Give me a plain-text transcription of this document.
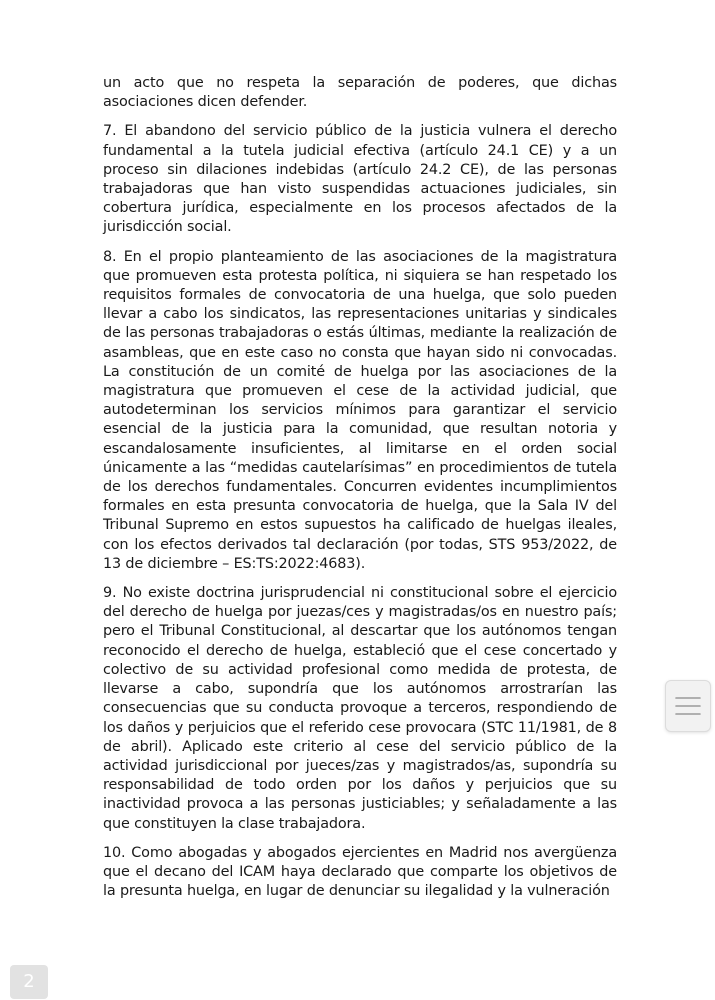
un acto que no respeta la separación de poderes, que dichas asociaciones dicen defender.

7. El abandono del servicio público de la justicia vulnera el derecho fundamental a la tutela judicial efectiva (artículo 24.1 CE) y a un proceso sin dilaciones indebidas (artículo 24.2 CE), de las personas trabajadoras que han visto suspendidas actuaciones judiciales, sin cobertura jurídica, especialmente en los procesos afectados de la jurisdicción social.

8. En el propio planteamiento de las asociaciones de la magistratura que promueven esta protesta política, ni siquiera se han respetado los requisitos formales de convocatoria de una huelga, que solo pueden llevar a cabo los sindicatos, las representaciones unitarias y sindicales de las personas trabajadoras o estás últimas, mediante la realización de asambleas, que en este caso no consta que hayan sido ni convocadas. La constitución de un comité de huelga por las asociaciones de la magistratura que promueven el cese de la actividad judicial, que autodeterminan los servicios mínimos para garantizar el servicio esencial de la justicia para la comunidad, que resultan notoria y escandalosamente insuficientes, al limitarse en el orden social únicamente a las “medidas cautelarísimas” en procedimientos de tutela de los derechos fundamentales. Concurren evidentes incumplimientos formales en esta presunta convocatoria de huelga, que la Sala IV del Tribunal Supremo en estos supuestos ha calificado de huelgas ileales, con los efectos derivados tal declaración (por todas, STS 953/2022, de 13 de diciembre – ES:TS:2022:4683).

9. No existe doctrina jurisprudencial ni constitucional sobre el ejercicio del derecho de huelga por juezas/ces y magistradas/os en nuestro país; pero el Tribunal Constitucional, al descartar que los autónomos tengan reconocido el derecho de huelga, estableció que el cese concertado y colectivo de su actividad profesional como medida de protesta, de llevarse a cabo, supondría que los autónomos arrostrarían las consecuencias que su conducta provoque a terceros, respondiendo de los daños y perjuicios que el referido cese provocara (STC 11/1981, de 8 de abril). Aplicado este criterio al cese del servicio público de la actividad jurisdiccional por jueces/zas y magistrados/as, supondría su responsabilidad de todo orden por los daños y perjuicios que su inactividad provoca a las personas justiciables; y señaladamente a las que constituyen la clase trabajadora.

10. Como abogadas y abogados ejercientes en Madrid nos avergüenza que el decano del ICAM haya declarado que comparte los objetivos de la presunta huelga, en lugar de denunciar su ilegalidad y la vulneración

2
